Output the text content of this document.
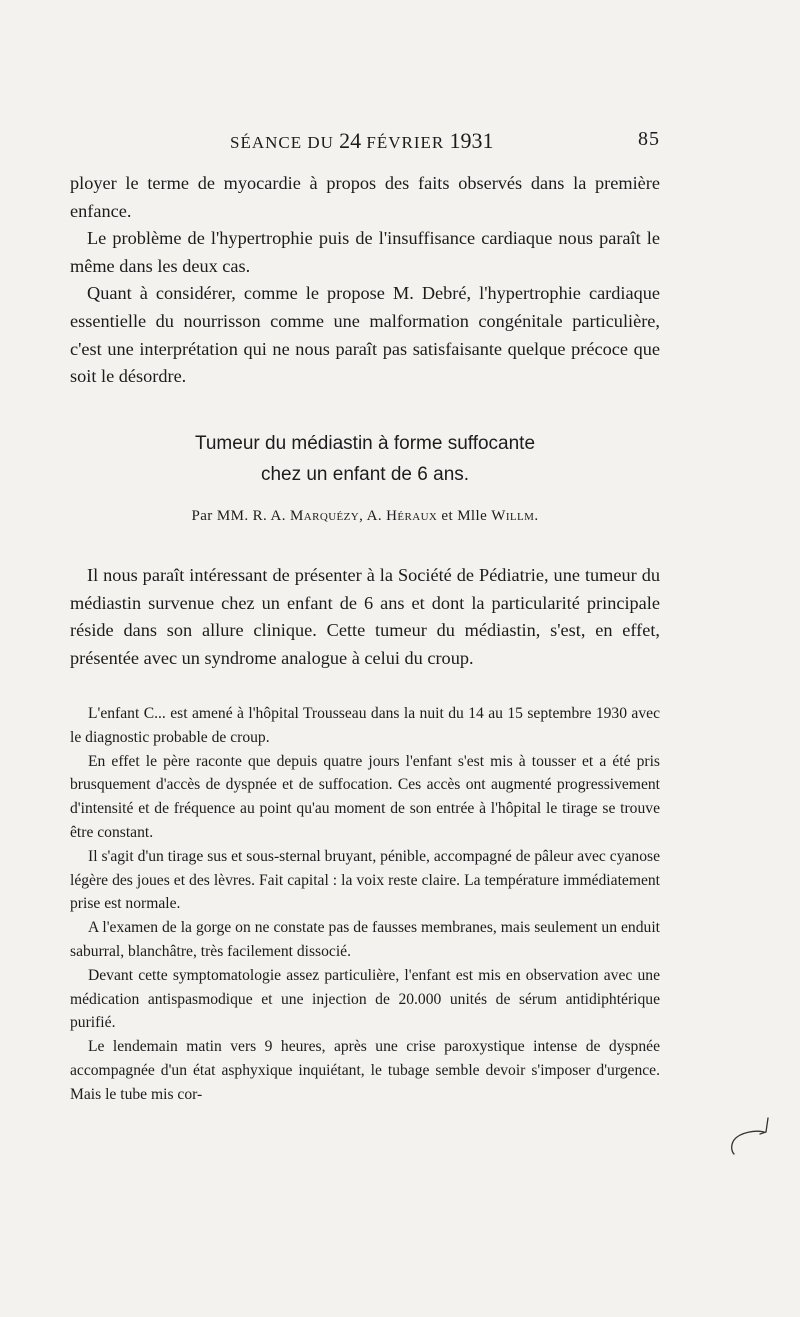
SÉANCE DU 24 FÉVRIER 1931	85

ployer le terme de myocardie à propos des faits observés dans la première enfance.

Le problème de l'hypertrophie puis de l'insuffisance cardiaque nous paraît le même dans les deux cas.

Quant à considérer, comme le propose M. Debré, l'hypertrophie cardiaque essentielle du nourrisson comme une malformation congénitale particulière, c'est une interprétation qui ne nous paraît pas satisfaisante quelque précoce que soit le désordre.

Tumeur du médiastin à forme suffocante
chez un enfant de 6 ans.
Par MM. R. A. Marquézy, A. Héraux et Mlle Willm.

Il nous paraît intéressant de présenter à la Société de Pédiatrie, une tumeur du médiastin survenue chez un enfant de 6 ans et dont la particularité principale réside dans son allure clinique. Cette tumeur du médiastin, s'est, en effet, présentée avec un syndrome analogue à celui du croup.

L'enfant C... est amené à l'hôpital Trousseau dans la nuit du 14 au 15 septembre 1930 avec le diagnostic probable de croup.

En effet le père raconte que depuis quatre jours l'enfant s'est mis à tousser et a été pris brusquement d'accès de dyspnée et de suffocation. Ces accès ont augmenté progressivement d'intensité et de fréquence au point qu'au moment de son entrée à l'hôpital le tirage se trouve être constant.

Il s'agit d'un tirage sus et sous-sternal bruyant, pénible, accompagné de pâleur avec cyanose légère des joues et des lèvres. Fait capital : la voix reste claire. La température immédiatement prise est normale.

A l'examen de la gorge on ne constate pas de fausses membranes, mais seulement un enduit saburral, blanchâtre, très facilement dissocié.

Devant cette symptomatologie assez particulière, l'enfant est mis en observation avec une médication antispasmodique et une injection de 20.000 unités de sérum antidiphtérique purifié.

Le lendemain matin vers 9 heures, après une crise paroxystique intense de dyspnée accompagnée d'un état asphyxique inquiétant, le tubage semble devoir s'imposer d'urgence. Mais le tube mis cor-
